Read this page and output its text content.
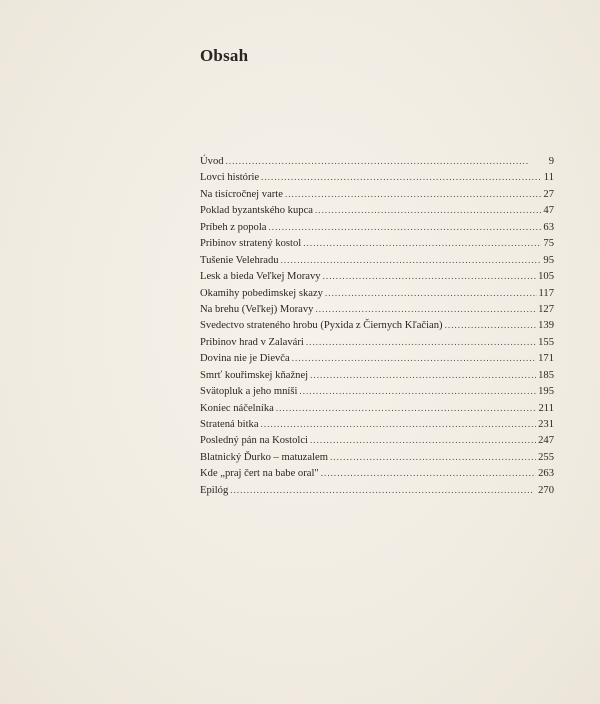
Obsah
Úvod . . .	9
Lovci histórie . . .	11
Na tisícročnej varte . . .	27
Poklad byzantského kupca . . .	47
Príbeh z popola . . .	63
Pribinov stratený kostol . . .	75
Tušenie Velehradu . . .	95
Lesk a bieda Veľkej Moravy . . .	105
Okamihy pobedimskej skazy . . .	117
Na brehu (Veľkej) Moravy . . .	127
Svedectvo strateného hrobu (Pyxida z Čiernych Kľačian) . . .	139
Pribinov hrad v Zalavári . . .	155
Dovina nie je Dievča . . .	171
Smrť kouřimskej kňažnej . . .	185
Svätopluk a jeho mníši . . .	195
Koniec náčelníka . . .	211
Stratená bitka . . .	231
Posledný pán na Kostolci . . .	247
Blatnický Ďurko – matuzalem . . .	255
Kde „praj čert na babe oral" . . .	263
Epilóg . . .	270
